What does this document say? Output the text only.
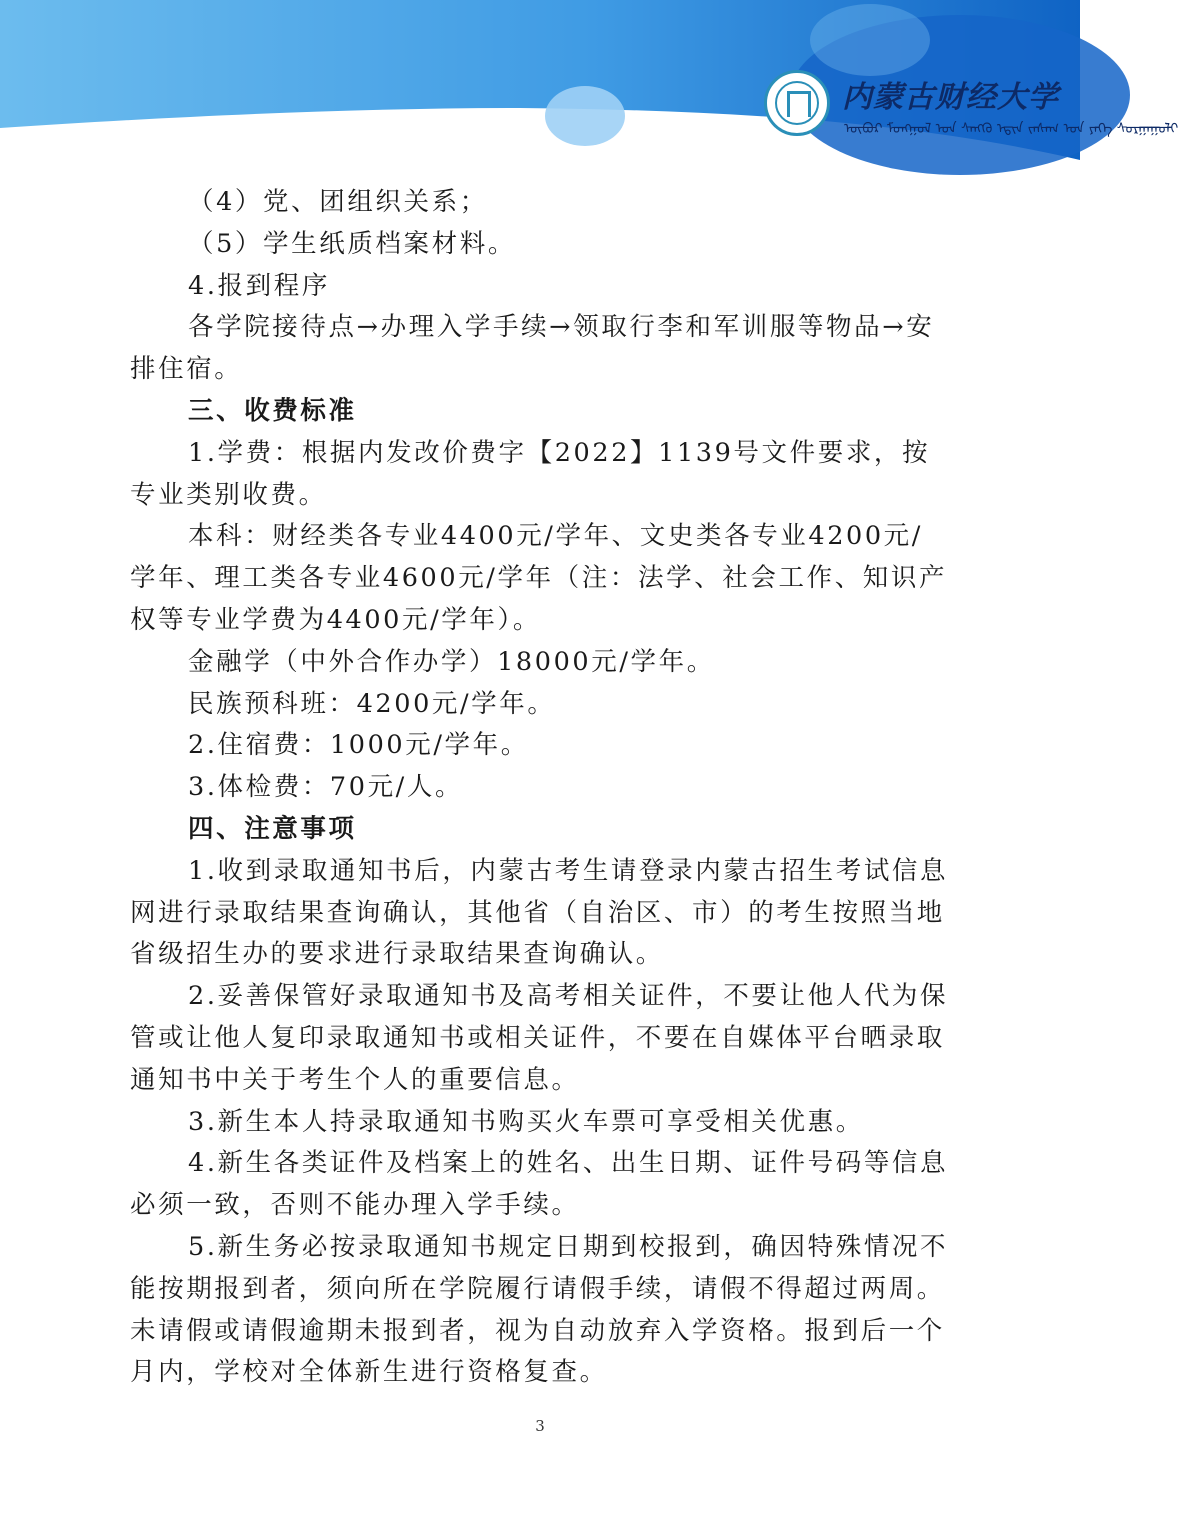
内蒙古财经大学
ᠥᠪᠥᠷ ᠮᠣᠩᠭᠣᠯ ᠤᠨ ᠰᠠᠩᠭᠦ ᠡᠳ᠋ᠢᠨ ᠵᠠᠰᠠᠭ ᠤᠨ ᠶᠡᠬᠡ ᠰᠤᠷᠭᠠᠭᠤᠯᠢ

（4）党、团组织关系；

（5）学生纸质档案材料。

4.报到程序

各学院接待点→办理入学手续→领取行李和军训服等物品→安排住宿。

三、收费标准

1.学费：根据内发改价费字【2022】1139号文件要求，按专业类别收费。

本科：财经类各专业4400元/学年、文史类各专业4200元/学年、理工类各专业4600元/学年（注：法学、社会工作、知识产权等专业学费为4400元/学年）。

金融学（中外合作办学）18000元/学年。

民族预科班：4200元/学年。

2.住宿费：1000元/学年。

3.体检费：70元/人。

四、注意事项

1.收到录取通知书后，内蒙古考生请登录内蒙古招生考试信息网进行录取结果查询确认，其他省（自治区、市）的考生按照当地省级招生办的要求进行录取结果查询确认。

2.妥善保管好录取通知书及高考相关证件，不要让他人代为保管或让他人复印录取通知书或相关证件，不要在自媒体平台晒录取通知书中关于考生个人的重要信息。

3.新生本人持录取通知书购买火车票可享受相关优惠。

4.新生各类证件及档案上的姓名、出生日期、证件号码等信息必须一致，否则不能办理入学手续。

5.新生务必按录取通知书规定日期到校报到，确因特殊情况不能按期报到者，须向所在学院履行请假手续，请假不得超过两周。未请假或请假逾期未报到者，视为自动放弃入学资格。报到后一个月内，学校对全体新生进行资格复查。

3
